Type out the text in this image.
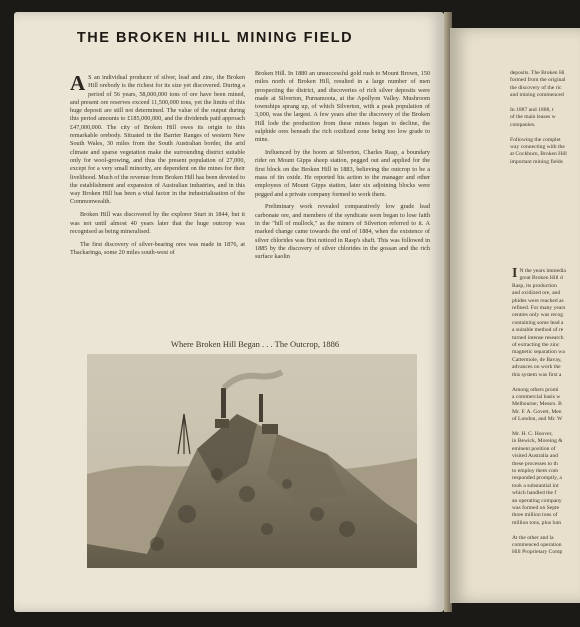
THE BROKEN HILL MINING FIELD

A S an individual producer of silver, lead and zinc, the Broken Hill orebody is the richest for its size yet discovered. During a period of 56 years, 58,000,000 tons of ore have been mined, and present ore reserves exceed 11,500,000 tons, yet the limits of this huge deposit are still not determined. The value of the output during this period amounts to £185,000,000, and the dividends paid approach £47,000,000. The city of Broken Hill owes its origin to this remarkable orebody. Situated in the Barrier Ranges of western New South Wales, 30 miles from the South Australian border, the arid climate and sparse vegetation make the surrounding district suitable only for wool-growing, and thus the present population of 27,000, except for a very small minority, are dependent on the mines for their livelihood. Much of the revenue from Broken Hill has been devoted to the establishment and expansion of Australian industries, and in this way Broken Hill has been a vital factor in the industrialisation of the Commonwealth.

Broken Hill was discovered by the explorer Sturt in 1844, but it was not until almost 40 years later that the huge outcrop was recognised as being mineralised.

The first discovery of silver-bearing ores was made in 1876, at Thackaringa, some 20 miles south-west of

Broken Hill. In 1880 an unsuccessful gold rush to Mount Brown, 150 miles north of Broken Hill, resulted in a large number of men prospecting the district, and discoveries of rich silver deposits were made at Silverton, Purnamoota, at the Apollyon Valley. Mushroom townships sprang up, of which Silverton, with a peak population of 3,000, was the largest. A few years after the discovery of the Broken Hill lode the production from these mines began to decline, the sulphide ores beneath the rich oxidized zone being too low grade to mine.

Influenced by the boom at Silverton, Charles Rasp, a boundary rider on Mount Gipps sheep station, pegged out and applied for the first block on the Broken Hill in 1883, believing the outcrop to be a mass of tin oxide. He reported his action to the manager and other employees of Mount Gipps station, later six adjoining blocks were pegged and a private company formed to work them.

Preliminary work revealed comparatively low grade lead carbonate ore, and members of the syndicate soon began to lose faith in the "hill of mullock," as the miners of Silverton referred to it. A marked change came towards the end of 1884, when the existence of silver chlorides was first noticed in Rasp's shaft. This was followed in 1885 by the discovery of silver chlorides in the gossan and the rich surface kaolin

Where Broken Hill Began . . . The Outcrop, 1886
deposits. The Broken Hi
formed from the original
the discovery of the ric
and mining commenced

In 1887 and 1888, t
of the main leases w
companies.

Following the complet
way connecting with the
at Cockburn, Broken Hill
important mining fields
I N the years immedia
great Broken Hill d
Rasp, its production
and oxidized ore, and
phides were reached as
refined. For many years
centres only was recog
containing some lead a
a suitable method of re
turned intense research
of extracting the zinc
magnetic separation wa
Cattermole, de Bavay,
advances on work the
this system was first a

Among others promi
a commercial basis w
Melbourne; Messrs. B
Mr. F. A. Govett, Men
of London, and Mr. W

Mr. H. C. Hoover,
in Bewick, Moreing &
eminent position of
visited Australia and
these processes to th
to employ them com
responded promptly, a
took a substantial int
which handled the f
an operating company
was formed on Septe
three million tons of
million tons, plus lum

At the other and la
commenced operation
Hill Proprietary Comp
